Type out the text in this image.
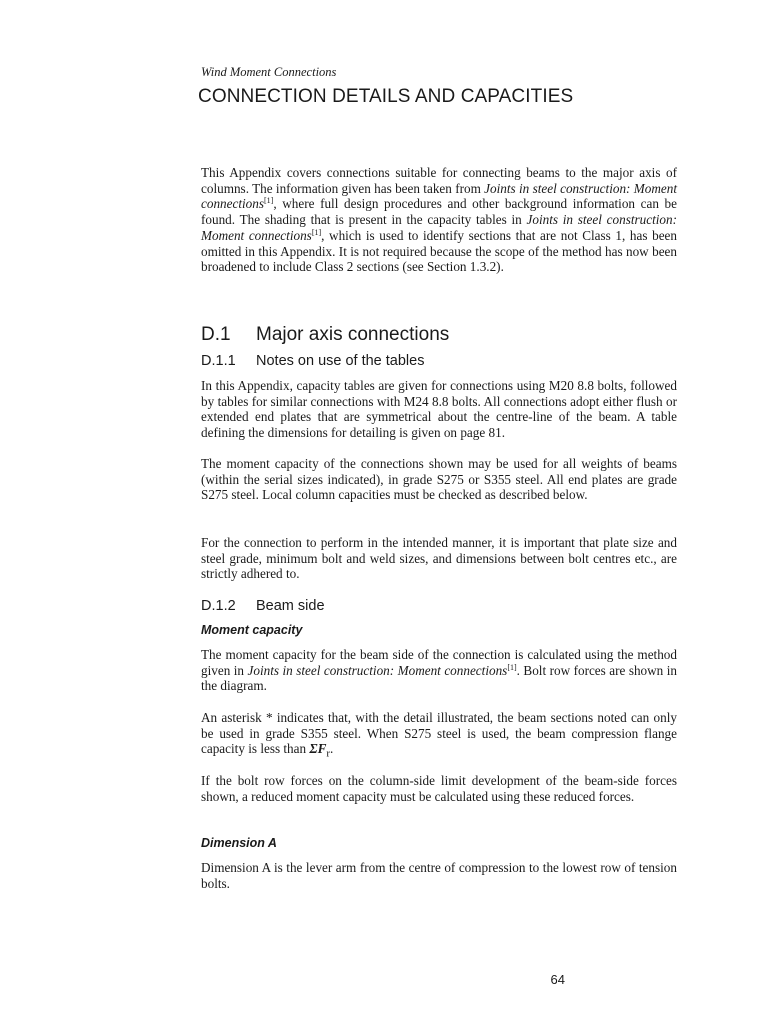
Wind Moment Connections
CONNECTION DETAILS AND CAPACITIES
This Appendix covers connections suitable for connecting beams to the major axis of columns. The information given has been taken from Joints in steel construction: Moment connections[1], where full design procedures and other background information can be found. The shading that is present in the capacity tables in Joints in steel construction: Moment connections[1], which is used to identify sections that are not Class 1, has been omitted in this Appendix. It is not required because the scope of the method has now been broadened to include Class 2 sections (see Section 1.3.2).
D.1 Major axis connections
D.1.1 Notes on use of the tables
In this Appendix, capacity tables are given for connections using M20 8.8 bolts, followed by tables for similar connections with M24 8.8 bolts. All connections adopt either flush or extended end plates that are symmetrical about the centre-line of the beam. A table defining the dimensions for detailing is given on page 81.
The moment capacity of the connections shown may be used for all weights of beams (within the serial sizes indicated), in grade S275 or S355 steel. All end plates are grade S275 steel. Local column capacities must be checked as described below.
For the connection to perform in the intended manner, it is important that plate size and steel grade, minimum bolt and weld sizes, and dimensions between bolt centres etc., are strictly adhered to.
D.1.2 Beam side
Moment capacity
The moment capacity for the beam side of the connection is calculated using the method given in Joints in steel construction: Moment connections[1]. Bolt row forces are shown in the diagram.
An asterisk * indicates that, with the detail illustrated, the beam sections noted can only be used in grade S355 steel. When S275 steel is used, the beam compression flange capacity is less than $\Sigma F_r$.
If the bolt row forces on the column-side limit development of the beam-side forces shown, a reduced moment capacity must be calculated using these reduced forces.
Dimension A
Dimension A is the lever arm from the centre of compression to the lowest row of tension bolts.
64
